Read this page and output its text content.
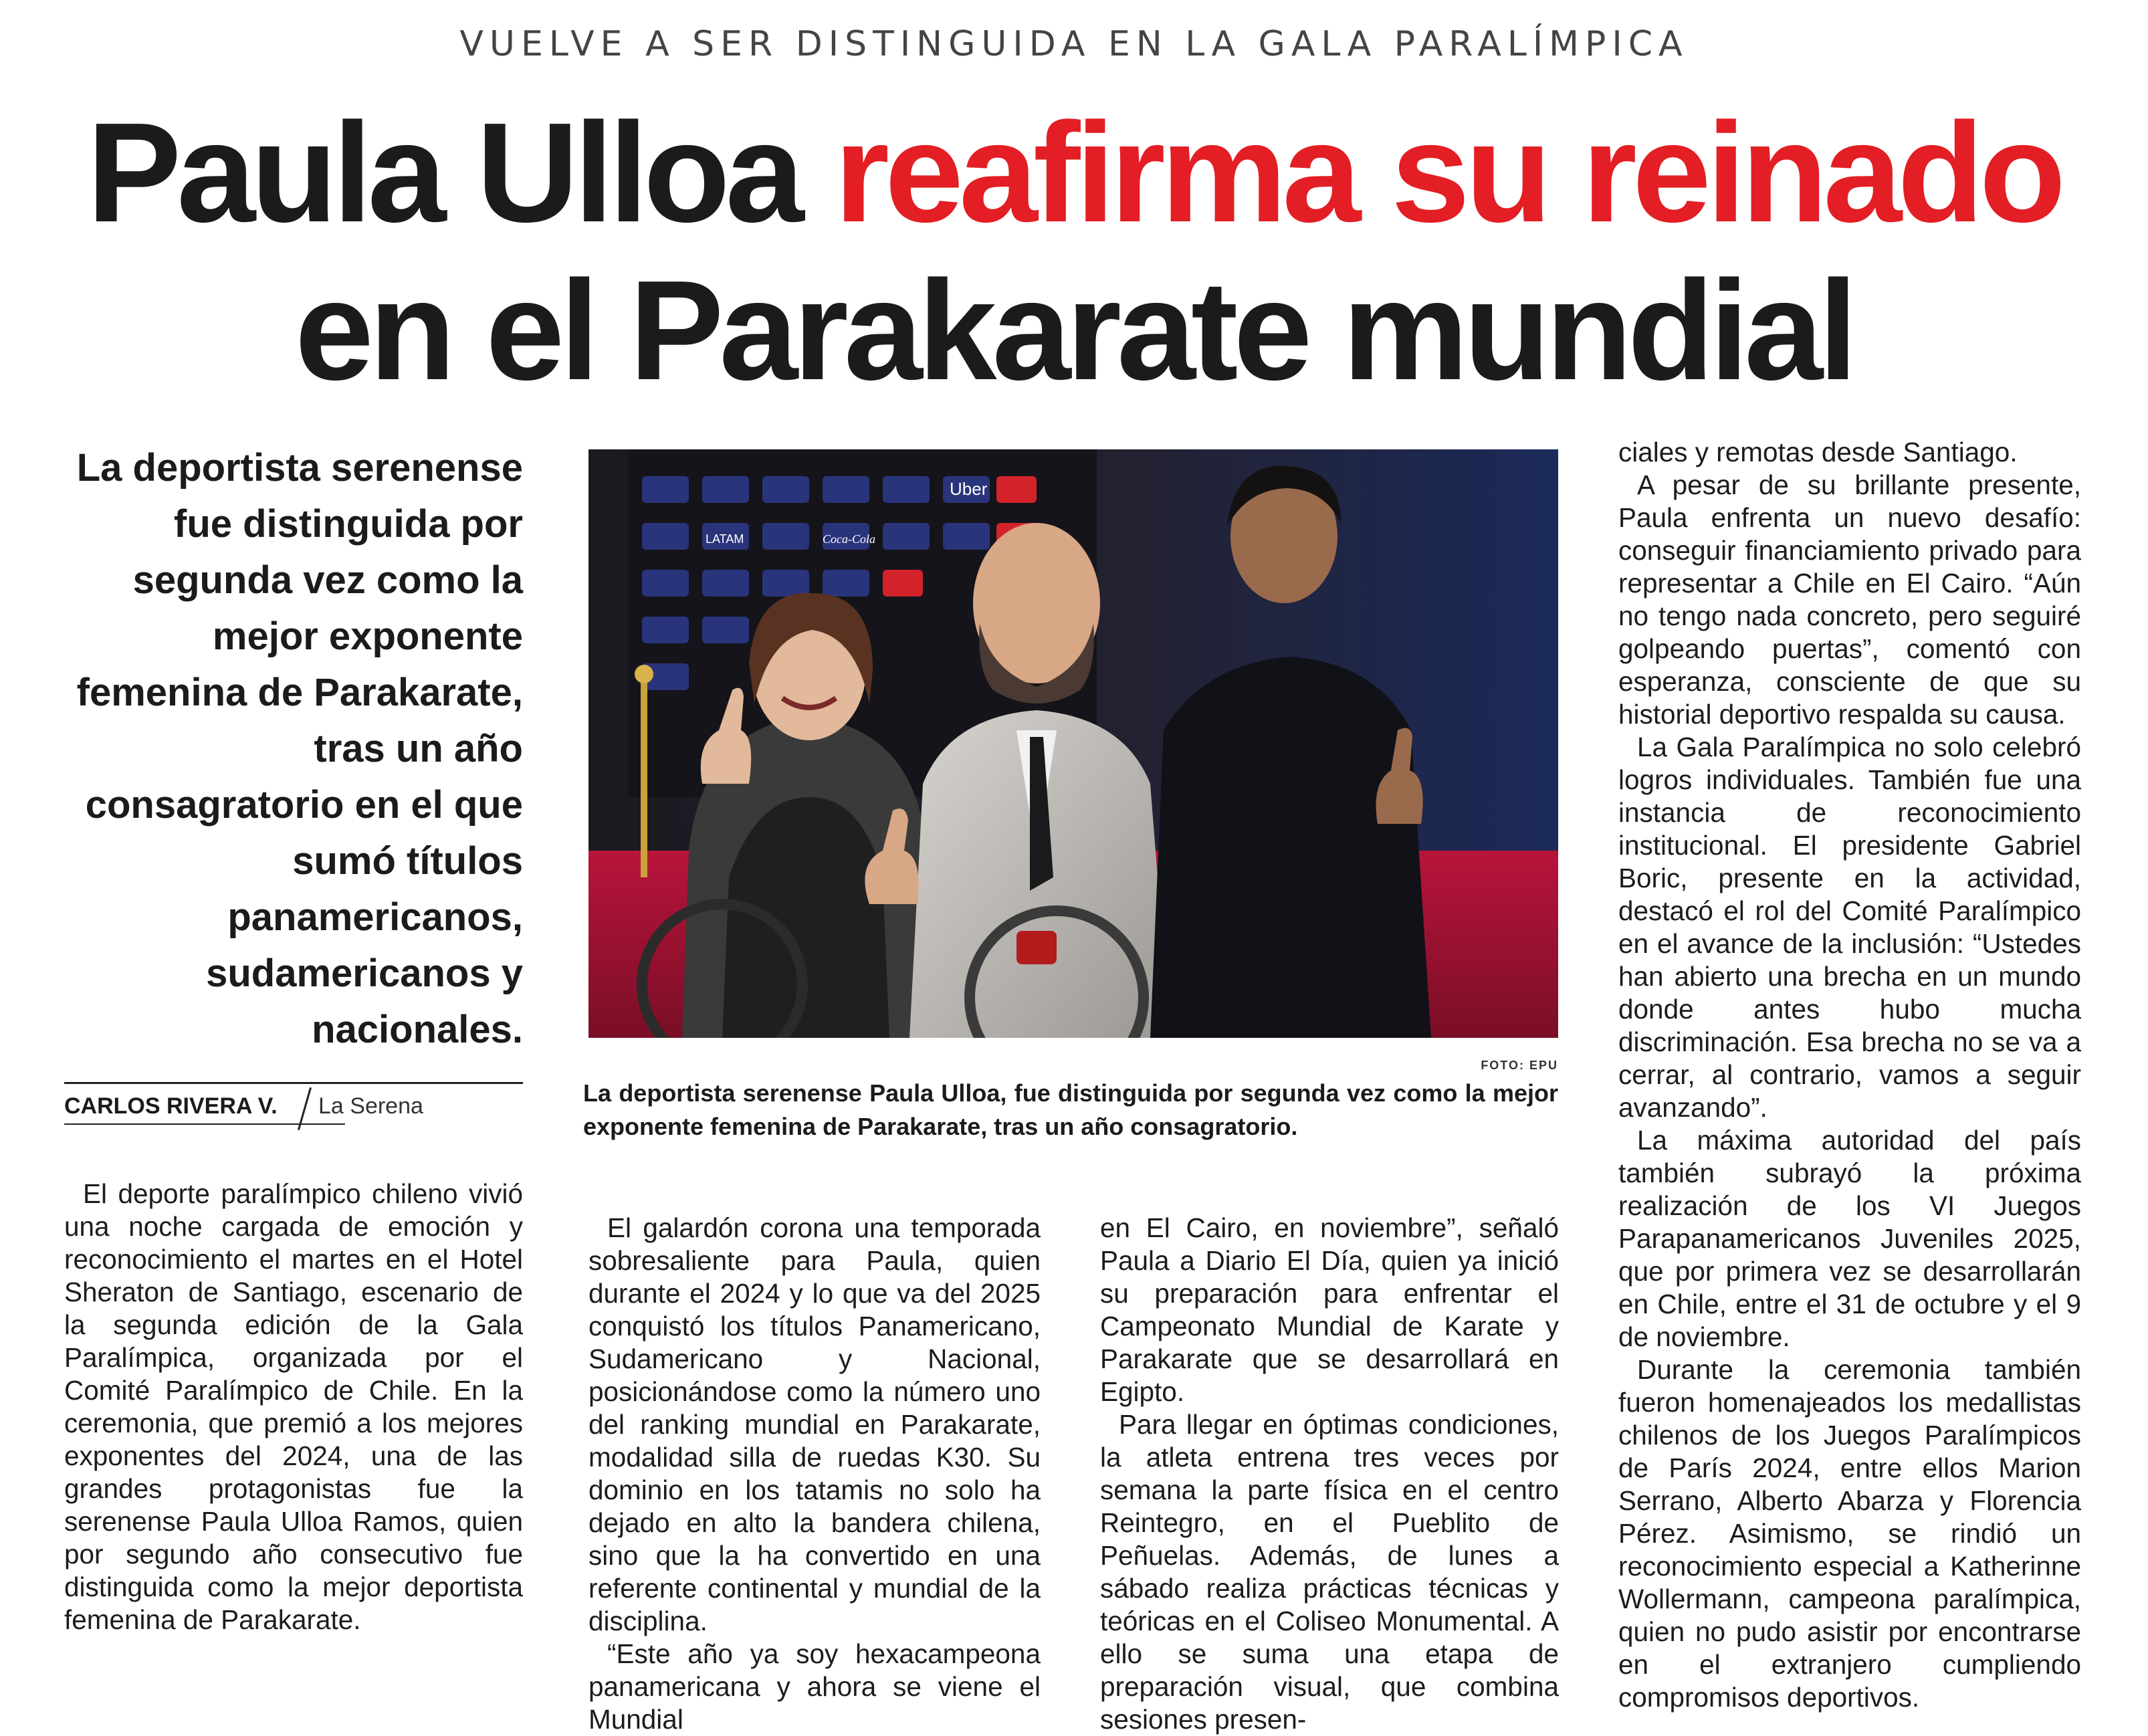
VUELVE A SER DISTINGUIDA EN LA GALA PARALÍMPICA
Paula Ulloa reafirma su reinado
en el Parakarate mundial
La deportista serenense fue distinguida por segunda vez como la mejor exponente femenina de Parakarate, tras un año consagratorio en el que sumó títulos panamericanos, sudamericanos y nacionales.
CARLOS RIVERA V. La Serena
Uber
LATAM	Coca-Cola
FOTO: EPU
La deportista serenense Paula Ulloa, fue distinguida por segunda vez como la mejor exponente femenina de Parakarate, tras un año consagratorio.

El deporte paralímpico chileno vivió una noche cargada de emoción y reconocimiento el martes en el Hotel Sheraton de Santiago, escenario de la segunda edición de la Gala Paralímpica, organizada por el Comité Paralímpico de Chile. En la ceremonia, que premió a los mejores exponentes del 2024, una de las grandes protagonistas fue la serenense Paula Ulloa Ramos, quien por segundo año consecutivo fue distinguida como la mejor deportista femenina de Parakarate.

El galardón corona una temporada sobresaliente para Paula, quien durante el 2024 y lo que va del 2025 conquistó los títulos Panamericano, Sudamericano y Nacional, posicionándose como la número uno del ranking mundial en Parakarate, modalidad silla de ruedas K30. Su dominio en los tatamis no solo ha dejado en alto la bandera chilena, sino que la ha convertido en una referente continental y mundial de la disciplina.

“Este año ya soy hexacampeona panamericana y ahora se viene el Mundial

en El Cairo, en noviembre”, señaló Paula a Diario El Día, quien ya inició su preparación para enfrentar el Campeonato Mundial de Karate y Parakarate que se desarrollará en Egipto.

Para llegar en óptimas condiciones, la atleta entrena tres veces por semana la parte física en el centro Reintegro, en el Pueblito de Peñuelas. Además, de lunes a sábado realiza prácticas técnicas y teóricas en el Coliseo Monumental. A ello se suma una etapa de preparación visual, que combina sesiones presen-

ciales y remotas desde Santiago.

A pesar de su brillante presente, Paula enfrenta un nuevo desafío: conseguir financiamiento privado para representar a Chile en El Cairo. “Aún no tengo nada concreto, pero seguiré golpeando puertas”, comentó con esperanza, consciente de que su historial deportivo respalda su causa.

La Gala Paralímpica no solo celebró logros individuales. También fue una instancia de reconocimiento institucional. El presidente Gabriel Boric, presente en la actividad, destacó el rol del Comité Paralímpico en el avance de la inclusión: “Ustedes han abierto una brecha en un mundo donde antes hubo mucha discriminación. Esa brecha no se va a cerrar, al contrario, vamos a seguir avanzando”.

La máxima autoridad del país también subrayó la próxima realización de los VI Juegos Parapanamericanos Juveniles 2025, que por primera vez se desarrollarán en Chile, entre el 31 de octubre y el 9 de noviembre.

Durante la ceremonia también fueron homenajeados los medallistas chilenos de los Juegos Paralímpicos de París 2024, entre ellos Marion Serrano, Alberto Abarza y Florencia Pérez. Asimismo, se rindió un reconocimiento especial a Katherinne Wollermann, campeona paralímpica, quien no pudo asistir por encontrarse en el extranjero cumpliendo compromisos deportivos.
